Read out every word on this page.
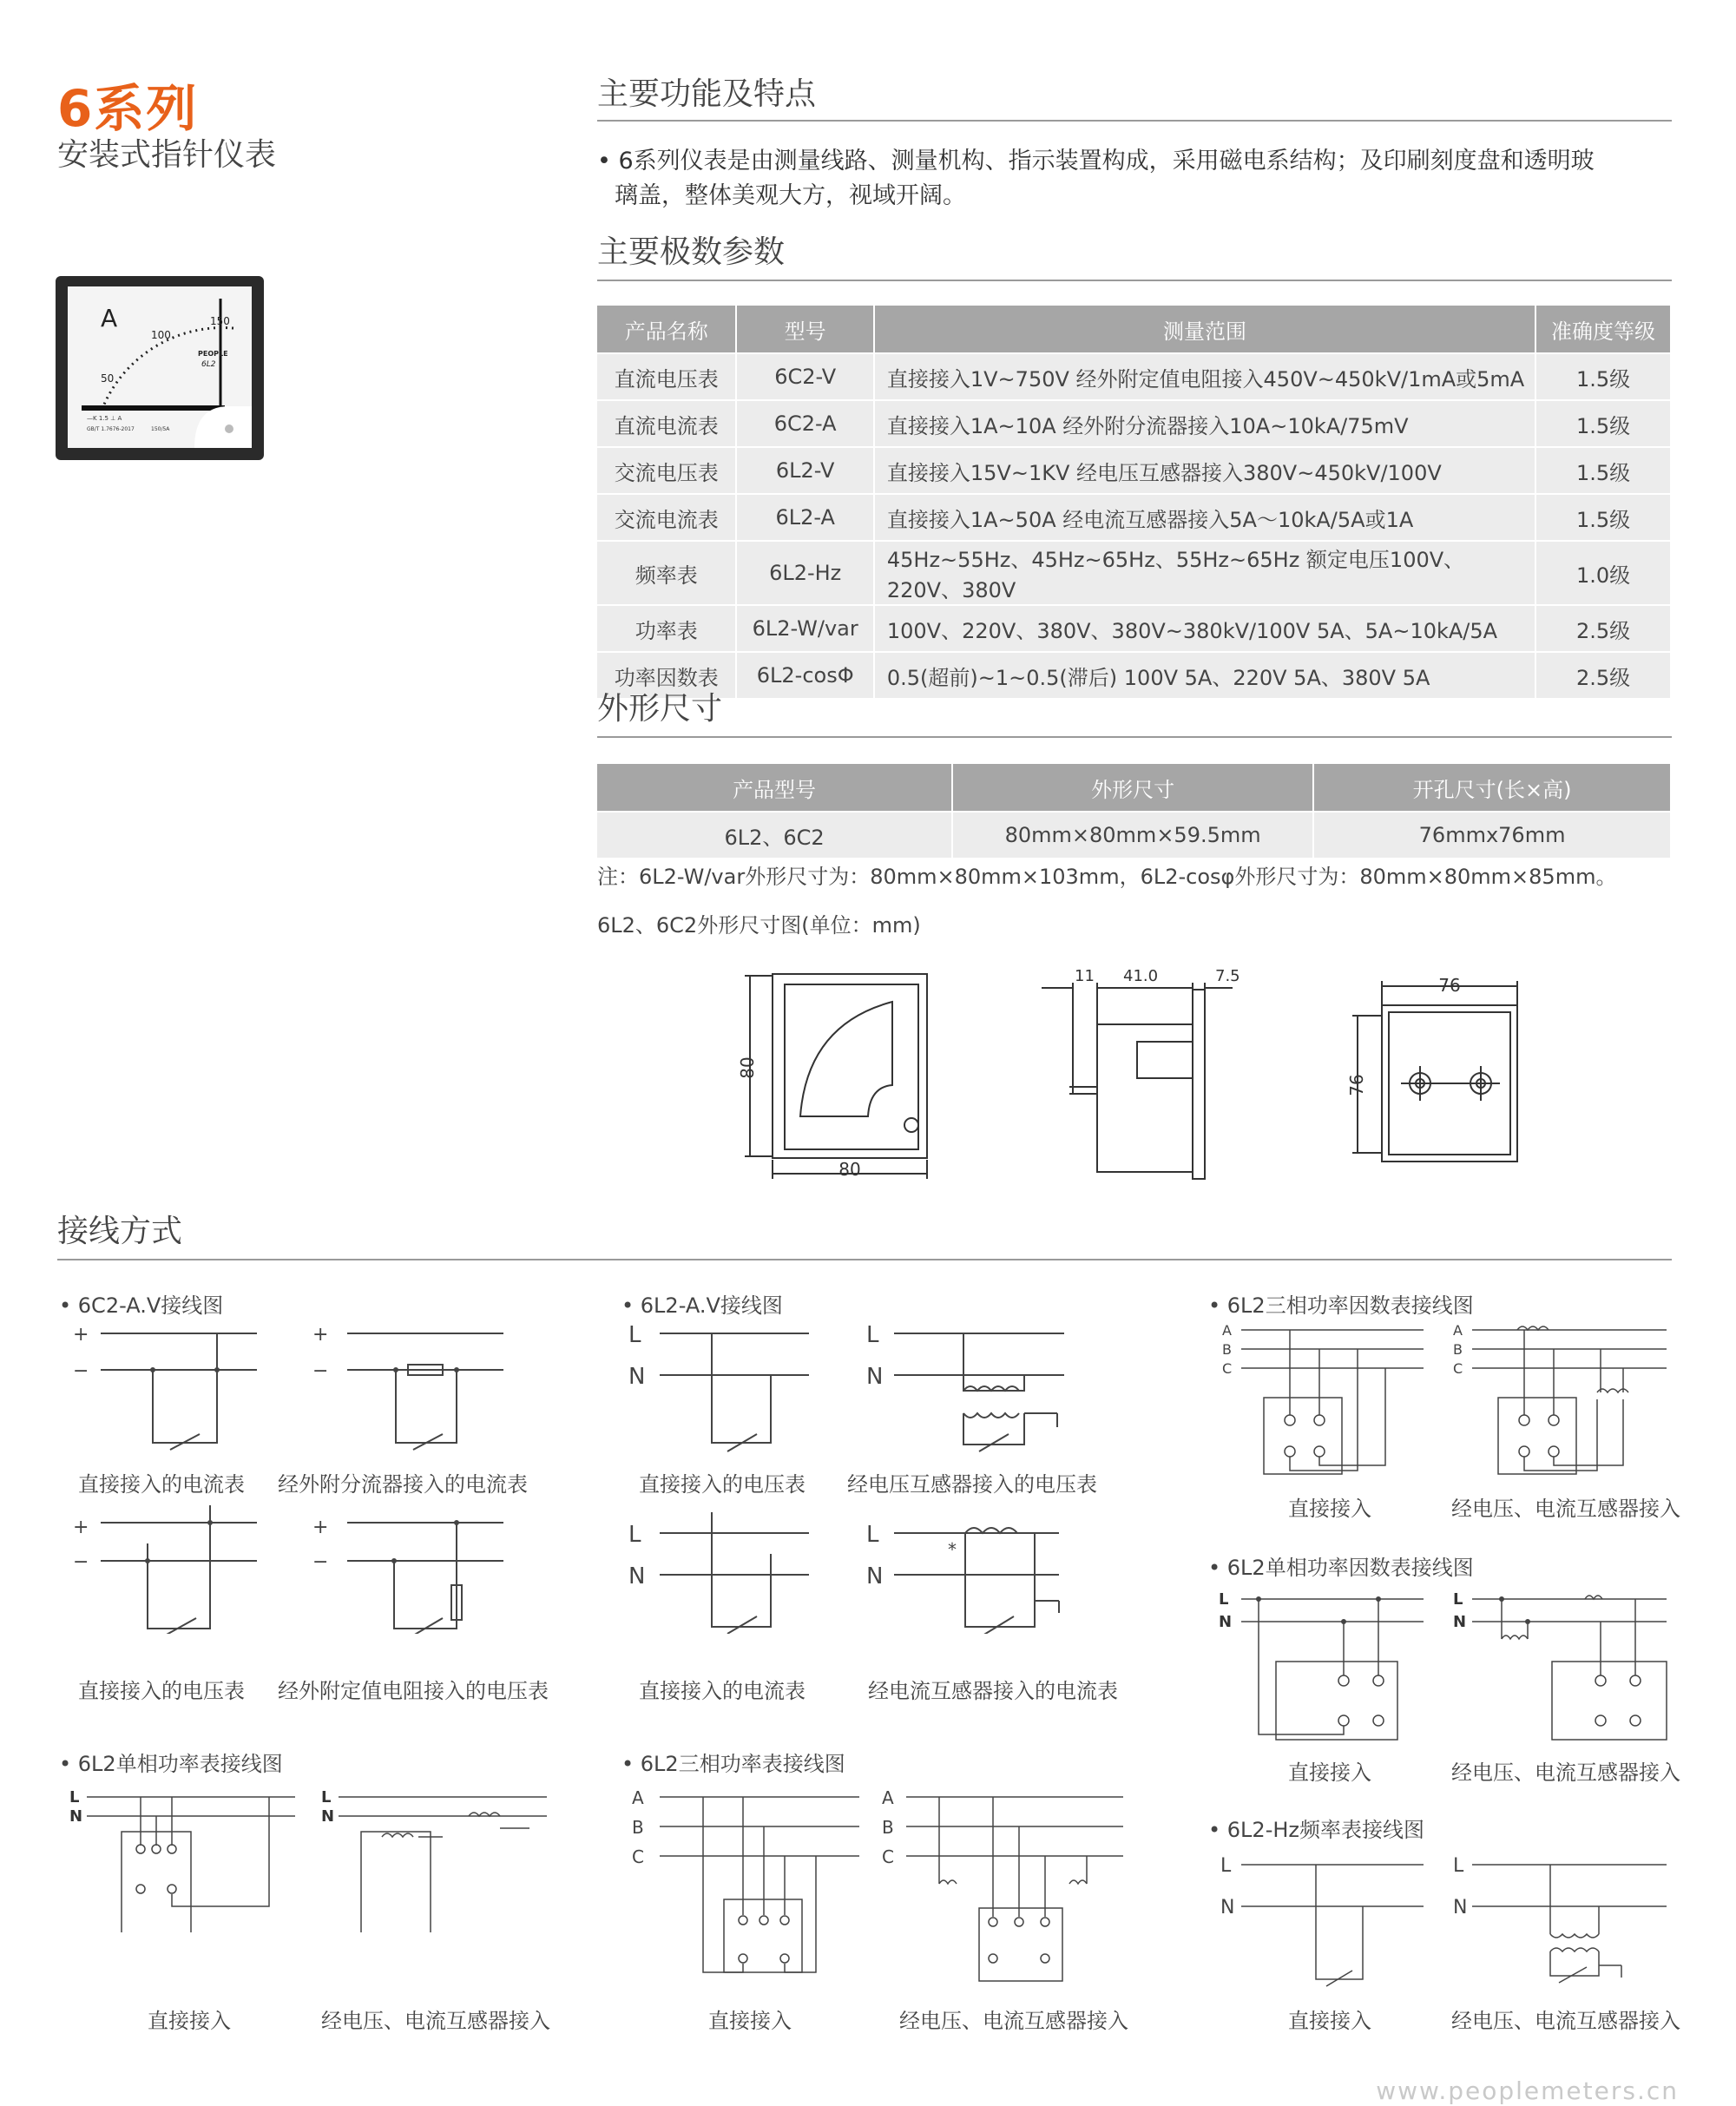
6系列
安装式指针仪表
A
50
100
150
PEOPLE
6L2
—K 1.5 ⊥ A
GB/T 1.7676-2017	150/5A
主要功能及特点
• 6系列仪表是由测量线路、测量机构、指示装置构成，采用磁电系结构；及印刷刻度盘和透明玻
璃盖，整体美观大方，视域开阔。
主要极数参数
产品名称	型号	测量范围	准确度等级
直流电压表	6C2-V	直接接入1V~750V 经外附定值电阻接入450V~450kV/1mA或5mA	1.5级
直流电流表	6C2-A	直接接入1A~10A 经外附分流器接入10A~10kA/75mV	1.5级
交流电压表	6L2-V	直接接入15V~1KV 经电压互感器接入380V~450kV/100V	1.5级
交流电流表	6L2-A	直接接入1A~50A 经电流互感器接入5A～10kA/5A或1A	1.5级
频率表	6L2-Hz	45Hz~55Hz、45Hz~65Hz、55Hz~65Hz 额定电压100V、220V、380V	1.0级
功率表	6L2-W/var	100V、220V、380V、380V~380kV/100V 5A、5A~10kA/5A	2.5级
功率因数表	6L2-cosΦ	0.5(超前)~1~0.5(滞后) 100V 5A、220V 5A、380V 5A	2.5级
外形尺寸
产品型号	外形尺寸	开孔尺寸(长×高)
6L2、6C2	80mm×80mm×59.5mm	76mmx76mm
注：6L2-W/var外形尺寸为：80mm×80mm×103mm，6L2-cosφ外形尺寸为：80mm×80mm×85mm。
6L2、6C2外形尺寸图(单位：mm)
80
80
11 41.0	7.5	76
76
接线方式
• 6C2-A.V接线图	• 6L2-A.V接线图	• 6L2三相功率因数表接线图
• 6L2单相功率因数表接线图
• 6L2单相功率表接线图	• 6L2三相功率表接线图
• 6L2-Hz频率表接线图
+
−
+
−
+
−
+
−
直接接入的电流表 经外附分流器接入的电流表
直接接入的电压表 经外附定值电阻接入的电压表
L
N
L
N
L
N
L
N
*
直接接入的电压表 经电压互感器接入的电压表
直接接入的电流表	经电流互感器接入的电流表
A
B
C
A
B
C
直接接入	经电压、电流互感器接入
L
N
L
N
直接接入	经电压、电流互感器接入
L
N
L
N
直接接入	经电压、电流互感器接入
A
B
C
A
B
C
直接接入	经电压、电流互感器接入
L
N
L
N
直接接入	经电压、电流互感器接入
www.peoplemeters.cn
